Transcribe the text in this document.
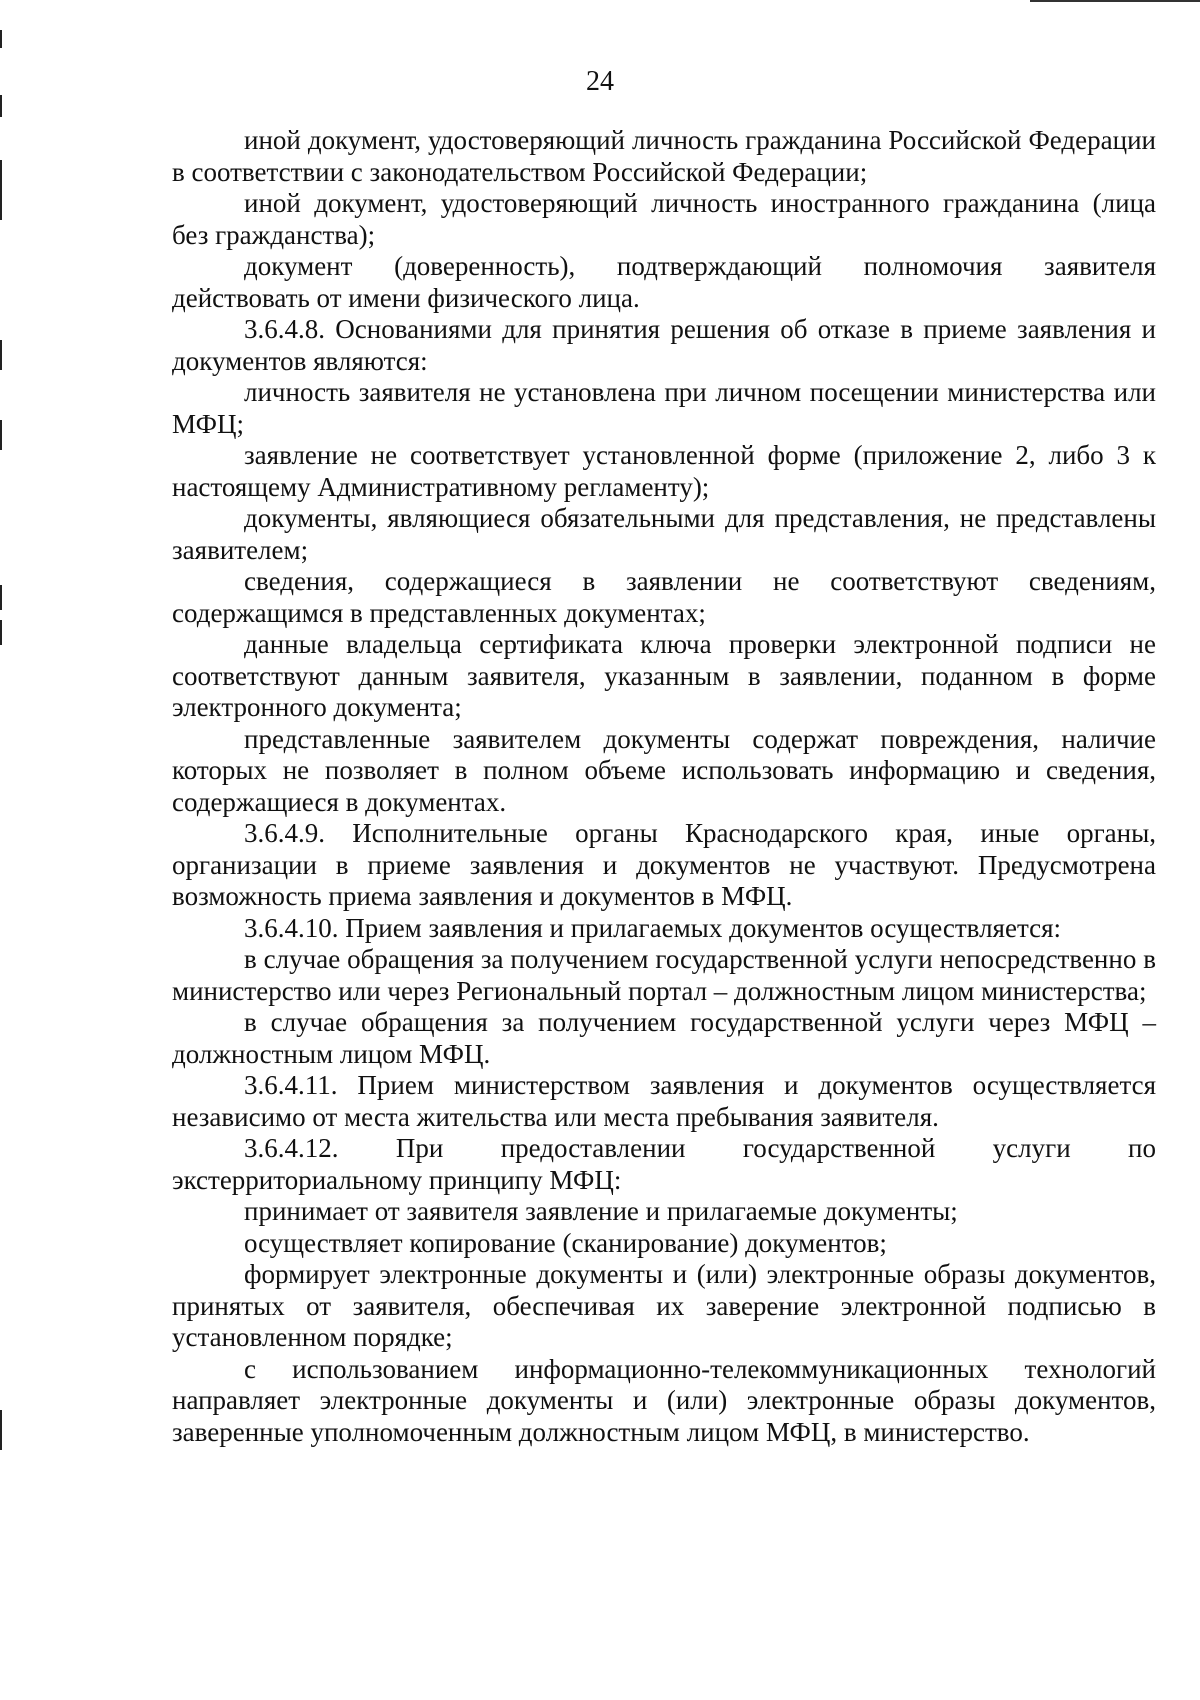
24

иной документ, удостоверяющий личность гражданина Российской Федерации в соответствии с законодательством Российской Федерации;

иной документ, удостоверяющий личность иностранного гражданина (лица без гражданства);

документ (доверенность), подтверждающий полномочия заявителя действовать от имени физического лица.

3.6.4.8. Основаниями для принятия решения об отказе в приеме заявления и документов являются:

личность заявителя не установлена при личном посещении министерства или МФЦ;

заявление не соответствует установленной форме (приложение 2, либо 3 к настоящему Административному регламенту);

документы, являющиеся обязательными для представления, не представлены заявителем;

сведения, содержащиеся в заявлении не соответствуют сведениям, содержащимся в представленных документах;

данные владельца сертификата ключа проверки электронной подписи не соответствуют данным заявителя, указанным в заявлении, поданном в форме электронного документа;

представленные заявителем документы содержат повреждения, наличие которых не позволяет в полном объеме использовать информацию и сведения, содержащиеся в документах.

3.6.4.9. Исполнительные органы Краснодарского края, иные органы, организации в приеме заявления и документов не участвуют. Предусмотрена возможность приема заявления и документов в МФЦ.

3.6.4.10. Прием заявления и прилагаемых документов осуществляется:

в случае обращения за получением государственной услуги непосредственно в министерство или через Региональный портал – должностным лицом министерства;

в случае обращения за получением государственной услуги через МФЦ – должностным лицом МФЦ.

3.6.4.11. Прием министерством заявления и документов осуществляется независимо от места жительства или места пребывания заявителя.

3.6.4.12. При предоставлении государственной услуги по экстерриториальному принципу МФЦ:

принимает от заявителя заявление и прилагаемые документы;

осуществляет копирование (сканирование) документов;

формирует электронные документы и (или) электронные образы документов, принятых от заявителя, обеспечивая их заверение электронной подписью в установленном порядке;

с использованием информационно-телекоммуникационных технологий направляет электронные документы и (или) электронные образы документов, заверенные уполномоченным должностным лицом МФЦ, в министерство.
